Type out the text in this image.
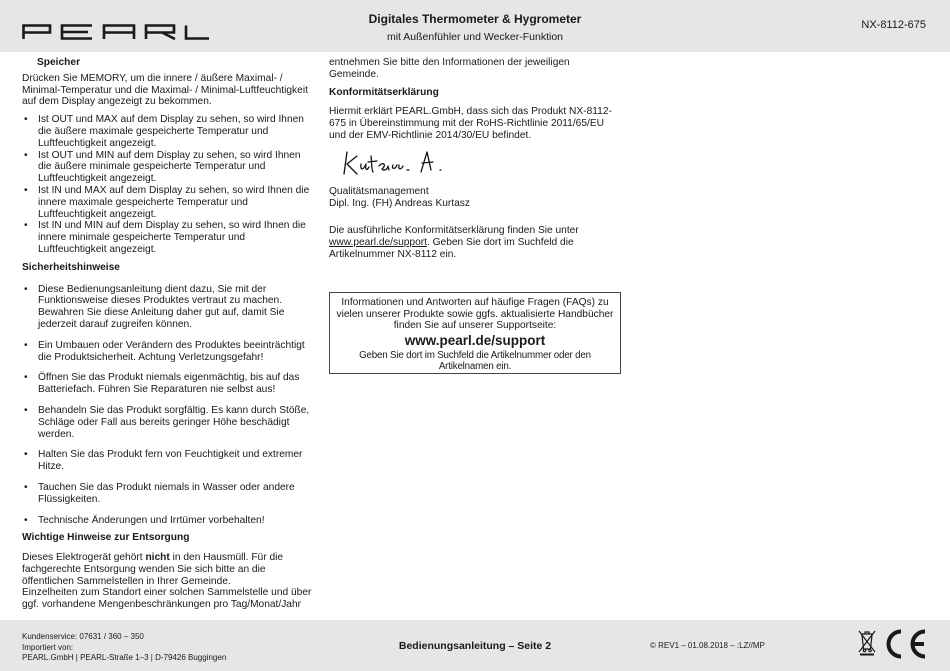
Digitales Thermometer & Hygrometer
mit Außenfühler und Wecker-Funktion
NX-8112-675
Speicher
Drücken Sie MEMORY, um die innere / äußere Maximal- / Minimal-Temperatur und die Maximal- / Minimal-Luftfeuchtigkeit auf dem Display angezeigt zu bekommen.
• Ist OUT und MAX auf dem Display zu sehen, so wird Ihnen die äußere maximale gespeicherte Temperatur und Luftfeuchtigkeit angezeigt.
• Ist OUT und MIN auf dem Display zu sehen, so wird Ihnen die äußere minimale gespeicherte Temperatur und Luftfeuchtigkeit angezeigt.
• Ist IN und MAX auf dem Display zu sehen, so wird Ihnen die innere maximale gespeicherte Temperatur und Luftfeuchtigkeit angezeigt.
• Ist IN und MIN auf dem Display zu sehen, so wird Ihnen die innere minimale gespeicherte Temperatur und Luftfeuchtigkeit angezeigt.
Sicherheitshinweise
• Diese Bedienungsanleitung dient dazu, Sie mit der Funktionsweise dieses Produktes vertraut zu machen. Bewahren Sie diese Anleitung daher gut auf, damit Sie jederzeit darauf zugreifen können.
• Ein Umbauen oder Verändern des Produktes beeinträchtigt die Produktsicherheit. Achtung Verletzungsgefahr!
• Öffnen Sie das Produkt niemals eigenmächtig, bis auf das Batteriefach. Führen Sie Reparaturen nie selbst aus!
• Behandeln Sie das Produkt sorgfältig. Es kann durch Stöße, Schläge oder Fall aus bereits geringer Höhe beschädigt werden.
• Halten Sie das Produkt fern von Feuchtigkeit und extremer Hitze.
• Tauchen Sie das Produkt niemals in Wasser oder andere Flüssigkeiten.
• Technische Änderungen und Irrtümer vorbehalten!
Wichtige Hinweise zur Entsorgung
Dieses Elektrogerät gehört nicht in den Hausmüll. Für die fachgerechte Entsorgung wenden Sie sich bitte an die öffentlichen Sammelstellen in Ihrer Gemeinde.
Einzelheiten zum Standort einer solchen Sammelstelle und über ggf. vorhandene Mengenbeschränkungen pro Tag/Monat/Jahr
entnehmen Sie bitte den Informationen der jeweiligen Gemeinde.
Konformitätserklärung
Hiermit erklärt PEARL.GmbH, dass sich das Produkt NX-8112-675 in Übereinstimmung mit der RoHS-Richtlinie 2011/65/EU und der EMV-Richtlinie 2014/30/EU befindet.
Qualitätsmanagement
Dipl. Ing. (FH) Andreas Kurtasz
Die ausführliche Konformitätserklärung finden Sie unter www.pearl.de/support. Geben Sie dort im Suchfeld die Artikelnummer NX-8112 ein.
Informationen und Antworten auf häufige Fragen (FAQs) zu vielen unserer Produkte sowie ggfs. aktualisierte Handbücher finden Sie auf unserer Supportseite:
www.pearl.de/support
Geben Sie dort im Suchfeld die Artikelnummer oder den Artikelnamen ein.
Kundenservice: 07631 / 360 – 350
Importiert von:
PEARL.GmbH | PEARL-Straße 1–3 | D-79426 Buggingen
Bedienungsanleitung – Seite 2	© REV1 – 01.08.2018 – :LZ//MP
